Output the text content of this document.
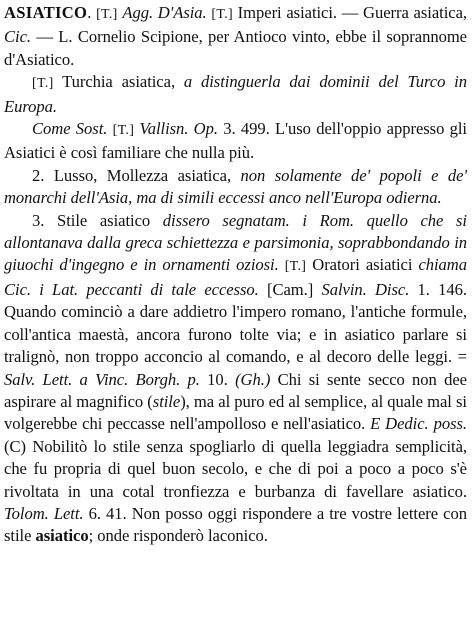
ASIATICO. [T.] Agg. D'Asia. [T.] Imperi asiatici. — Guerra asiatica, Cic. — L. Cornelio Scipione, per Antioco vinto, ebbe il soprannome d'Asiatico.

[T.] Turchia asiatica, a distinguerla dai dominii del Turco in Europa.

Come Sost. [T.] Vallisn. Op. 3. 499. L'uso dell'oppio appresso gli Asiatici è così familiare che nulla più.

2. Lusso, Mollezza asiatica, non solamente de' popoli e de' monarchi dell'Asia, ma di simili eccessi anco nell'Europa odierna.

3. Stile asiatico dissero segnatam. i Rom. quello che si allontanava dalla greca schiettezza e parsimonia, soprabbondando in giuochi d'ingegno e in ornamenti oziosi. [T.] Oratori asiatici chiama Cic. i Lat. peccanti di tale eccesso. [Cam.] Salvin. Disc. 1. 146. Quando cominciò a dare addietro l'impero romano, l'antiche formule, coll'antica maestà, ancora furono tolte via; e in asiatico parlare si tralignò, non troppo acconcio al comando, e al decoro delle leggi. = Salv. Lett. a Vinc. Borgh. p. 10. (Gh.) Chi si sente secco non dee aspirare al magnifico (stile), ma al puro ed al semplice, al quale mal si volgerebbe chi peccasse nell'ampolloso e nell'asiatico. E Dedic. poss. (C) Nobilitò lo stile senza spogliarlo di quella leggiadra semplicità, che fu propria di quel buon secolo, e che di poi a poco a poco s'è rivoltata in una cotal tronfiezza e burbanza di favellare asiatico. Tolom. Lett. 6. 41. Non posso oggi rispondere a tre vostre lettere con stile asiatico; onde risponderò laconico.
